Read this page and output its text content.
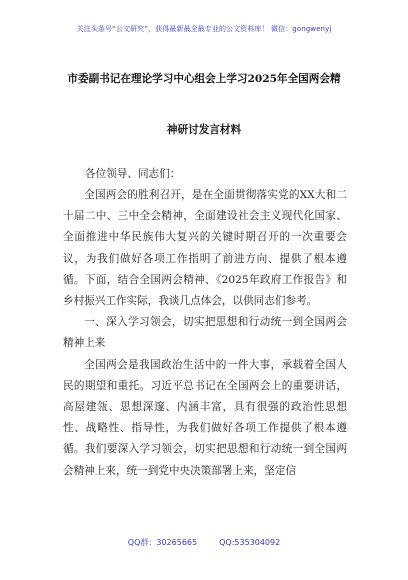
关注头条号“公文研究”，获得最新最全最专业的公文资料库！ 微信：gongwenyj
市委副书记在理论学习中心组会上学习2025年全国两会精
神研讨发言材料
各位领导、同志们：

全国两会的胜利召开，是在全面贯彻落实党的XX大和二十届二中、三中全会精神，全面建设社会主义现代化国家、全面推进中华民族伟大复兴的关键时期召开的一次重要会议，为我们做好各项工作指明了前进方向、提供了根本遵循。下面，结合全国两会精神、《2025年政府工作报告》和乡村振兴工作实际，我谈几点体会，以供同志们参考。

一、深入学习领会，切实把思想和行动统一到全国两会精神上来

全国两会是我国政治生活中的一件大事，承载着全国人民的期望和重托。习近平总书记在全国两会上的重要讲话，高屋建瓴、思想深邃、内涵丰富，具有很强的政治性思想性、战略性、指导性，为我们做好各项工作提供了根本遵循。我们要深入学习领会，切实把思想和行动统一到全国两会精神上来，统一到党中央决策部署上来，坚定信

QQ群：30265665	QQ:535304092
